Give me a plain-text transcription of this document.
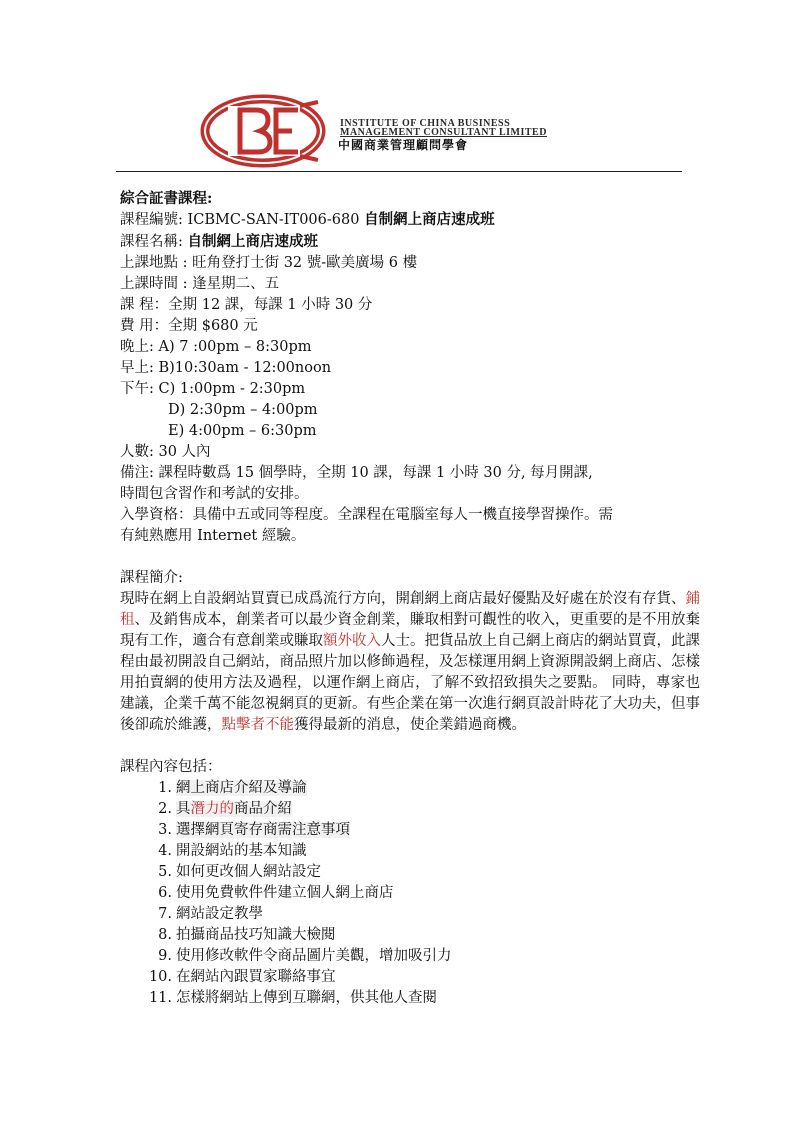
INSTITUTE OF CHINA BUSINESS
MANAGEMENT CONSULTANT LIMITED
中國商業管理顧問學會
綜合証書課程:
課程編號: ICBMC-SAN-IT006-680 自制網上商店速成班
課程名稱: 自制網上商店速成班
上課地點 : 旺角登打士街 32 號-歐美廣場 6 樓
上課時間 : 逢星期二、五
課 程：全期 12 課，每課 1 小時 30 分
費 用：全期 $680 元
晚上: A) 7 :00pm – 8:30pm
早上: B)10:30am - 12:00noon
下午: C) 1:00pm - 2:30pm
D) 2:30pm – 4:00pm
E) 4:00pm – 6:30pm
人數: 30 人內
備注: 課程時數爲 15 個學時，全期 10 課，每課 1 小時 30 分, 每月開課,
時間包含習作和考試的安排。
入學資格：具備中五或同等程度。全課程在電腦室每人一機直接學習操作。需
有純熟應用 Internet 經驗。
課程簡介:
現時在網上自設網站買賣已成爲流行方向，開創網上商店最好優點及好處在於沒有存貨、鋪租、及銷售成本，創業者可以最少資金創業，賺取相對可觀性的收入，更重要的是不用放棄現有工作，適合有意創業或賺取額外收入人士。把貨品放上自己網上商店的網站買賣，此課程由最初開設自己網站，商品照片加以修飾過程，及怎樣運用網上資源開設網上商店、怎樣用拍賣網的使用方法及過程，以運作網上商店，了解不致招致損失之要點。 同時，專家也建議，企業千萬不能忽視網頁的更新。有些企業在第一次進行網頁設計時花了大功夫，但事後卻疏於維護，點擊者不能獲得最新的消息，使企業錯過商機。
課程內容包括：
1. 網上商店介紹及導論
2. 具潛力的商品介紹
3. 選擇網頁寄存商需注意事項
4. 開設網站的基本知識
5. 如何更改個人網站設定
6. 使用免費軟件件建立個人網上商店
7. 網站設定教學
8. 拍攝商品技巧知識大檢閱
9. 使用修改軟件令商品圖片美觀，增加吸引力
10. 在網站內跟買家聯絡事宜
11. 怎樣將網站上傳到互聯網，供其他人查閱
